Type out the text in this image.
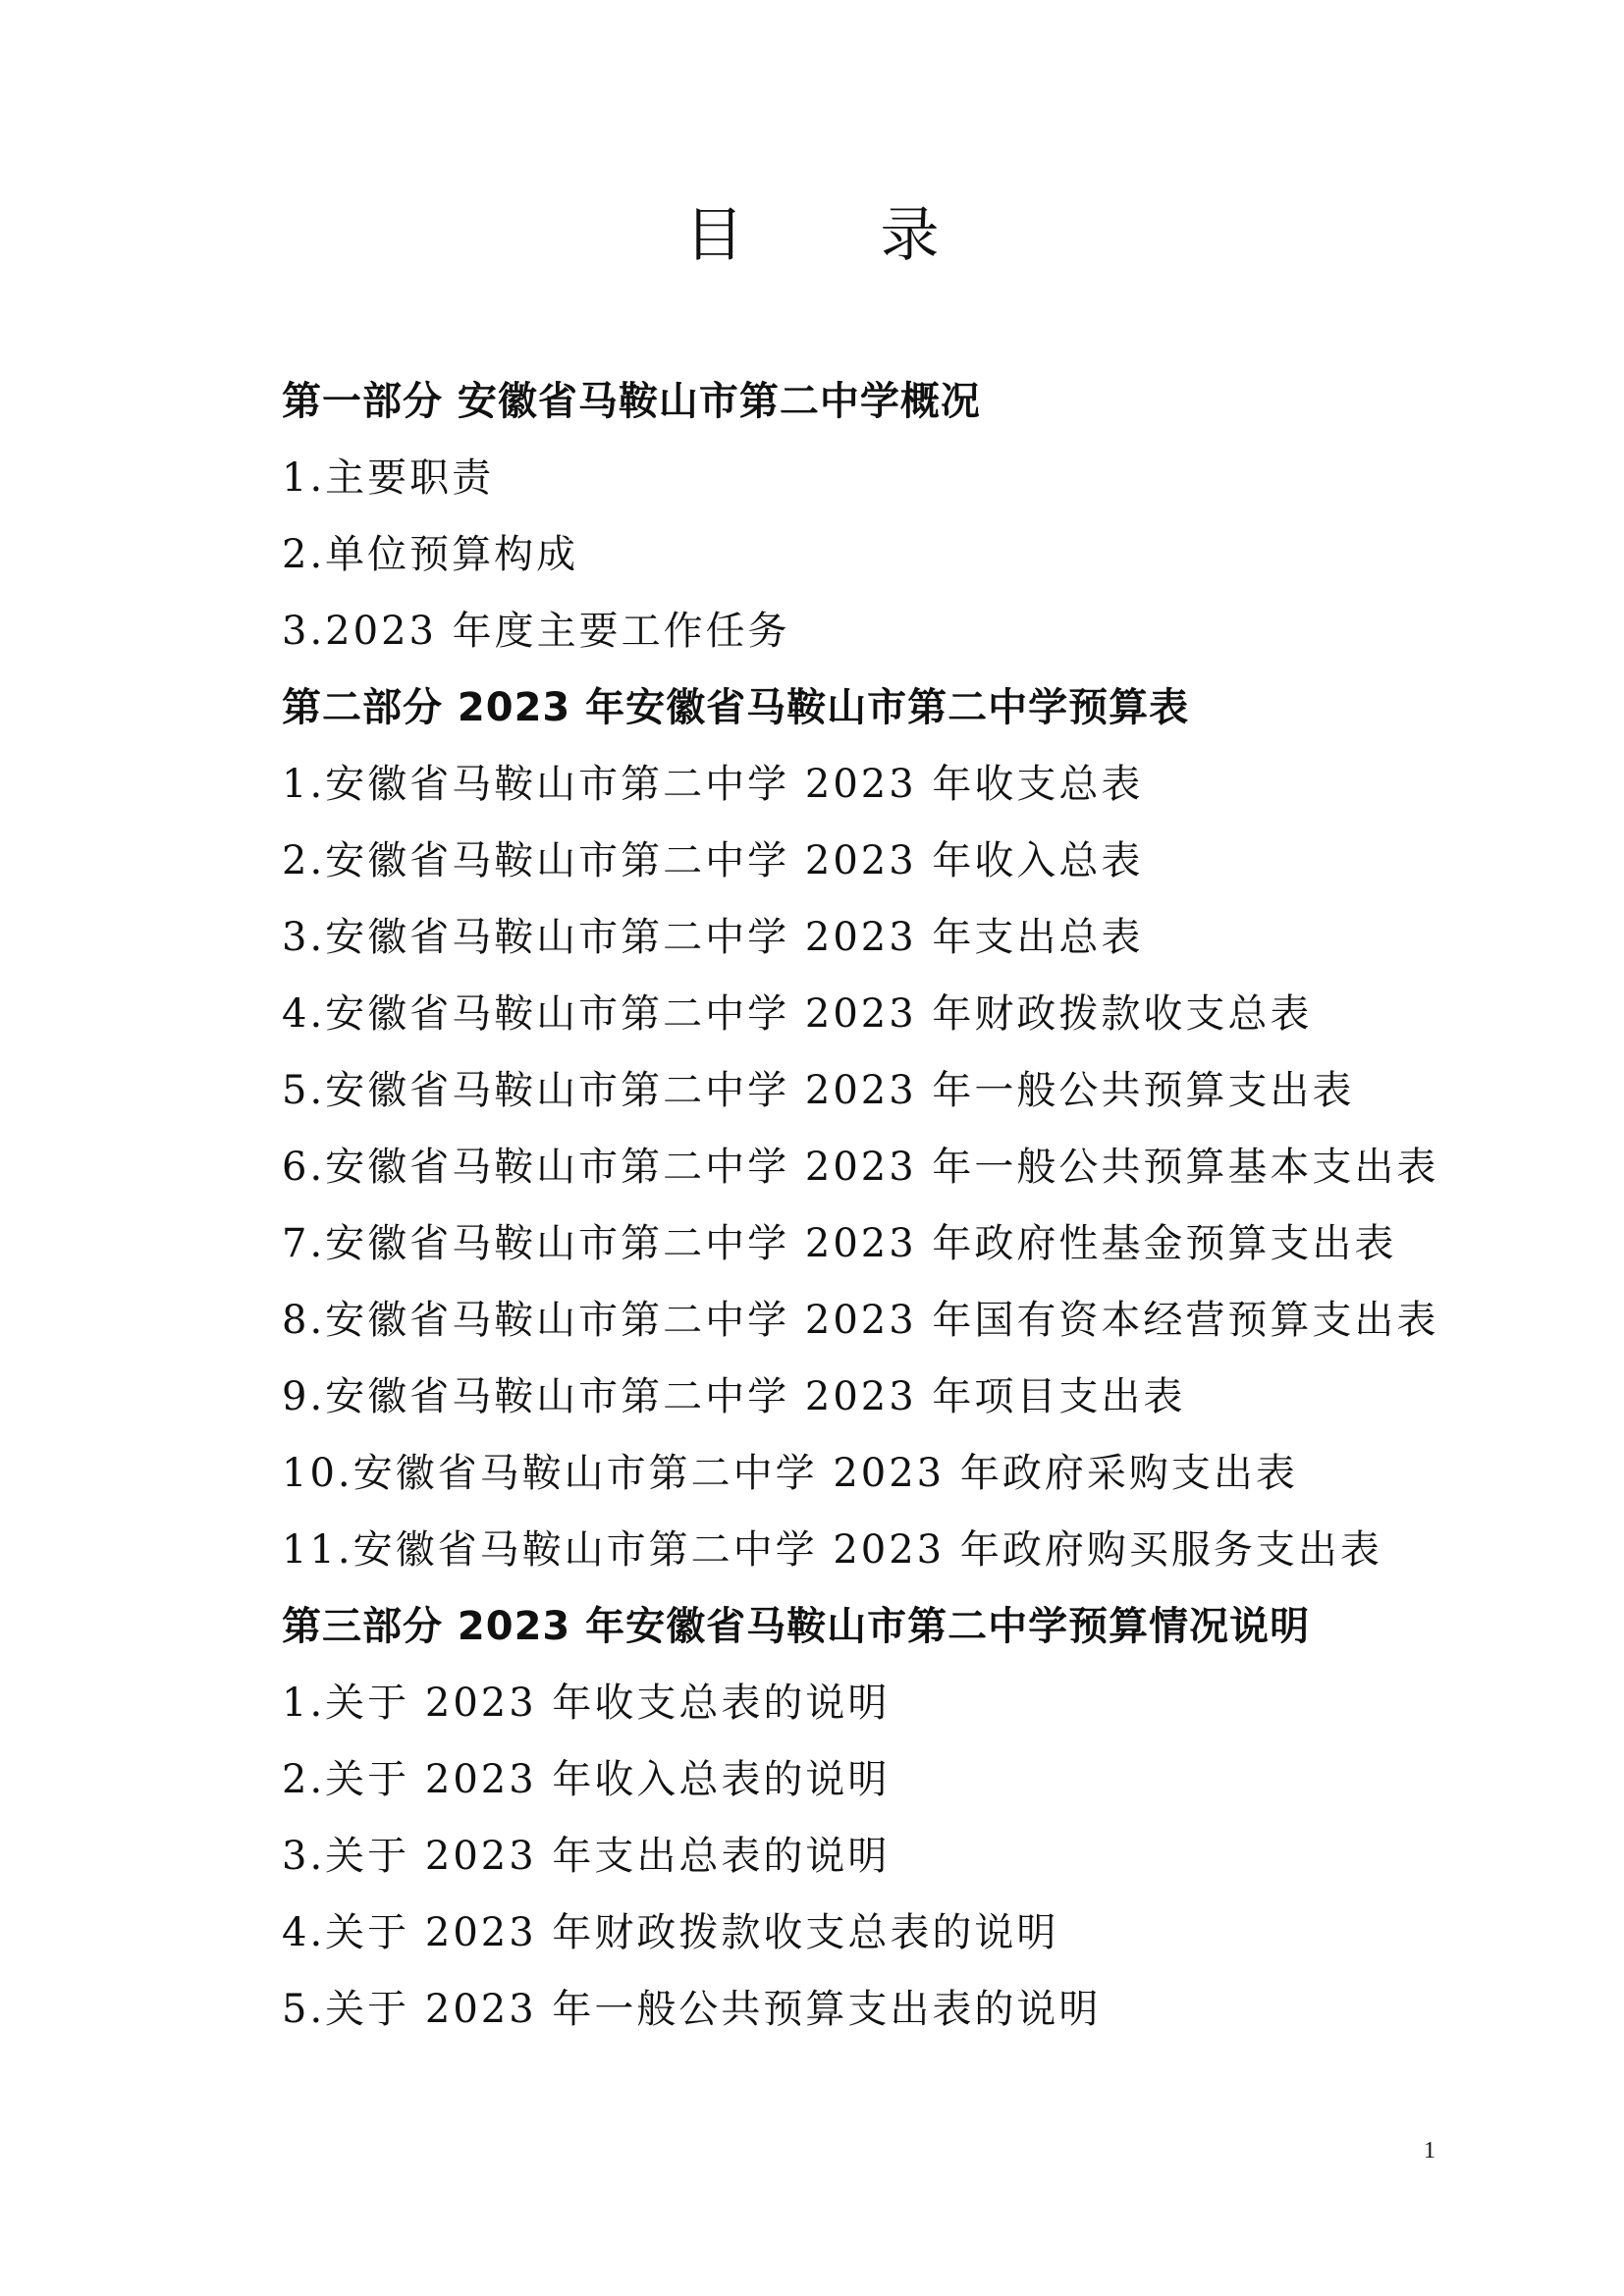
目 录
第一部分 安徽省马鞍山市第二中学概况
1.主要职责
2.单位预算构成
3.2023 年度主要工作任务
第二部分 2023 年安徽省马鞍山市第二中学预算表
1.安徽省马鞍山市第二中学 2023 年收支总表
2.安徽省马鞍山市第二中学 2023 年收入总表
3.安徽省马鞍山市第二中学 2023 年支出总表
4.安徽省马鞍山市第二中学 2023 年财政拨款收支总表
5.安徽省马鞍山市第二中学 2023 年一般公共预算支出表
6.安徽省马鞍山市第二中学 2023 年一般公共预算基本支出表
7.安徽省马鞍山市第二中学 2023 年政府性基金预算支出表
8.安徽省马鞍山市第二中学 2023 年国有资本经营预算支出表
9.安徽省马鞍山市第二中学 2023 年项目支出表
10.安徽省马鞍山市第二中学 2023 年政府采购支出表
11.安徽省马鞍山市第二中学 2023 年政府购买服务支出表
第三部分 2023 年安徽省马鞍山市第二中学预算情况说明
1.关于 2023 年收支总表的说明
2.关于 2023 年收入总表的说明
3.关于 2023 年支出总表的说明
4.关于 2023 年财政拨款收支总表的说明
5.关于 2023 年一般公共预算支出表的说明
1
